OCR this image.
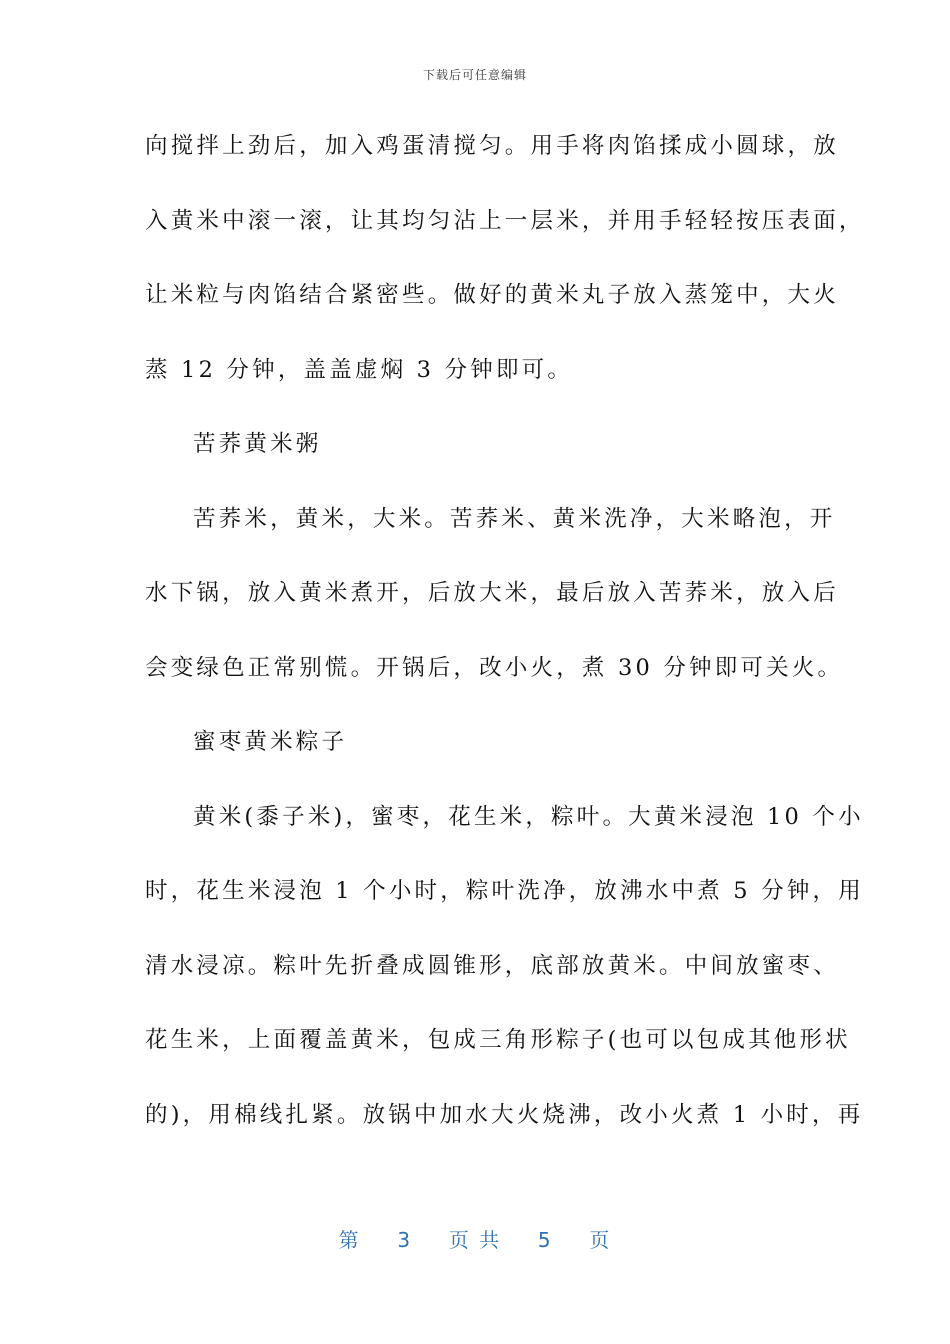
下载后可任意编辑
向搅拌上劲后，加入鸡蛋清搅匀。用手将肉馅揉成小圆球，放
入黄米中滚一滚，让其均匀沾上一层米，并用手轻轻按压表面，
让米粒与肉馅结合紧密些。做好的黄米丸子放入蒸笼中，大火
蒸 12 分钟，盖盖虚焖 3 分钟即可。
苦荞黄米粥
苦荞米，黄米，大米。苦荞米、黄米洗净，大米略泡，开
水下锅，放入黄米煮开，后放大米，最后放入苦荞米，放入后
会变绿色正常别慌。开锅后，改小火，煮 30 分钟即可关火。
蜜枣黄米粽子
黄米(黍子米)，蜜枣，花生米，粽叶。大黄米浸泡 10 个小
时，花生米浸泡 1 个小时，粽叶洗净，放沸水中煮 5 分钟，用
清水浸凉。粽叶先折叠成圆锥形，底部放黄米。中间放蜜枣、
花生米，上面覆盖黄米，包成三角形粽子(也可以包成其他形状
的)，用棉线扎紧。放锅中加水大火烧沸，改小火煮 1 小时，再
第 3 页 共 5 页
